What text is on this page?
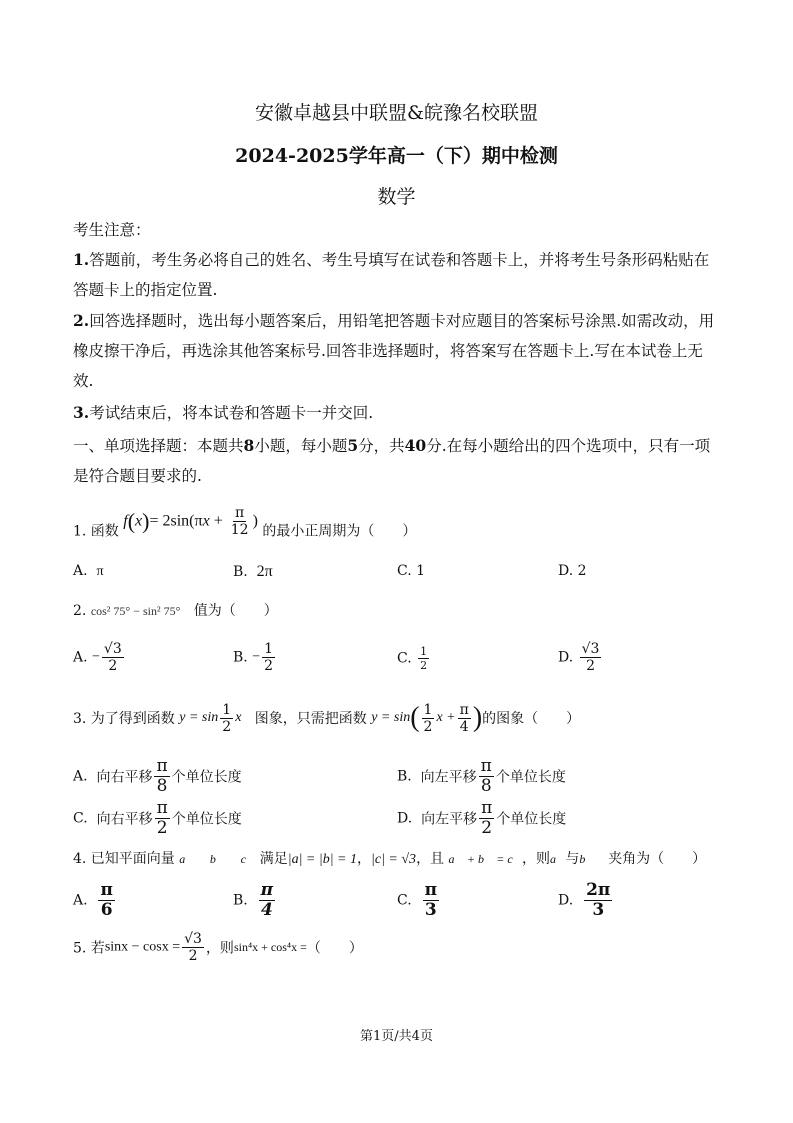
安徽卓越县中联盟&皖豫名校联盟
2024-2025学年高一（下）期中检测
数学
考生注意：
1.答题前，考生务必将自己的姓名、考生号填写在试卷和答题卡上，并将考生号条形码粘贴在答题卡上的指定位置.
2.回答选择题时，选出每小题答案后，用铅笔把答题卡对应题目的答案标号涂黑.如需改动，用橡皮擦干净后，再选涂其他答案标号.回答非选择题时，将答案写在答题卡上.写在本试卷上无效.
3.考试结束后，将本试卷和答题卡一并交回.
一、单项选择题：本题共8小题，每小题5分，共40分.在每小题给出的四个选项中，只有一项是符合题目要求的.
1. 函数 $f(x)= 2\sin(\pi x + \frac{\pi}{12}$ ) 的最小正周期为（　　）
A. π	B. 2π	C. 1	D. 2
2. cos² 75° − sin² 75° 值为（　　）
A. − $\frac{√3}{2}$	B. − $\frac{1}{2}$	C. $\frac{1}{2}$	D. $\frac{√3}{2}$
3. 为了得到函数 $y = \sin \frac{1}{2}$ x 图象，只需把函数 $y = \sin( \frac{1}{2}$ $x + \frac{\pi}{4}$ )的图象（　　）
A. 向右平移 $\frac{\pi}{8}$ 个单位长度	B. 向左平移 $\frac{\pi}{8}$ 个单位长度
C. 向右平移 $\frac{\pi}{2}$ 个单位长度	D. 向左平移 $\frac{\pi}{2}$ 个单位长度
4. 已知平面向量 a⃗ ， b⃗ ， c⃗ 满足|a| = |b| = 1，|c| = √3，且 a⃗ + b⃗ = c⃗，则a⃗与b⃗ 夹角为（　　）
A. $\frac{\pi}{6}$	B. $\frac{\pi}{4}$	C. $\frac{\pi}{3}$	D. $\frac{2\pi}{3}$
5. 若$\sin x - \cos x = \frac{√3}{2}$ ，则sin⁴x + cos⁴x =（　　）
第1页/共4页
